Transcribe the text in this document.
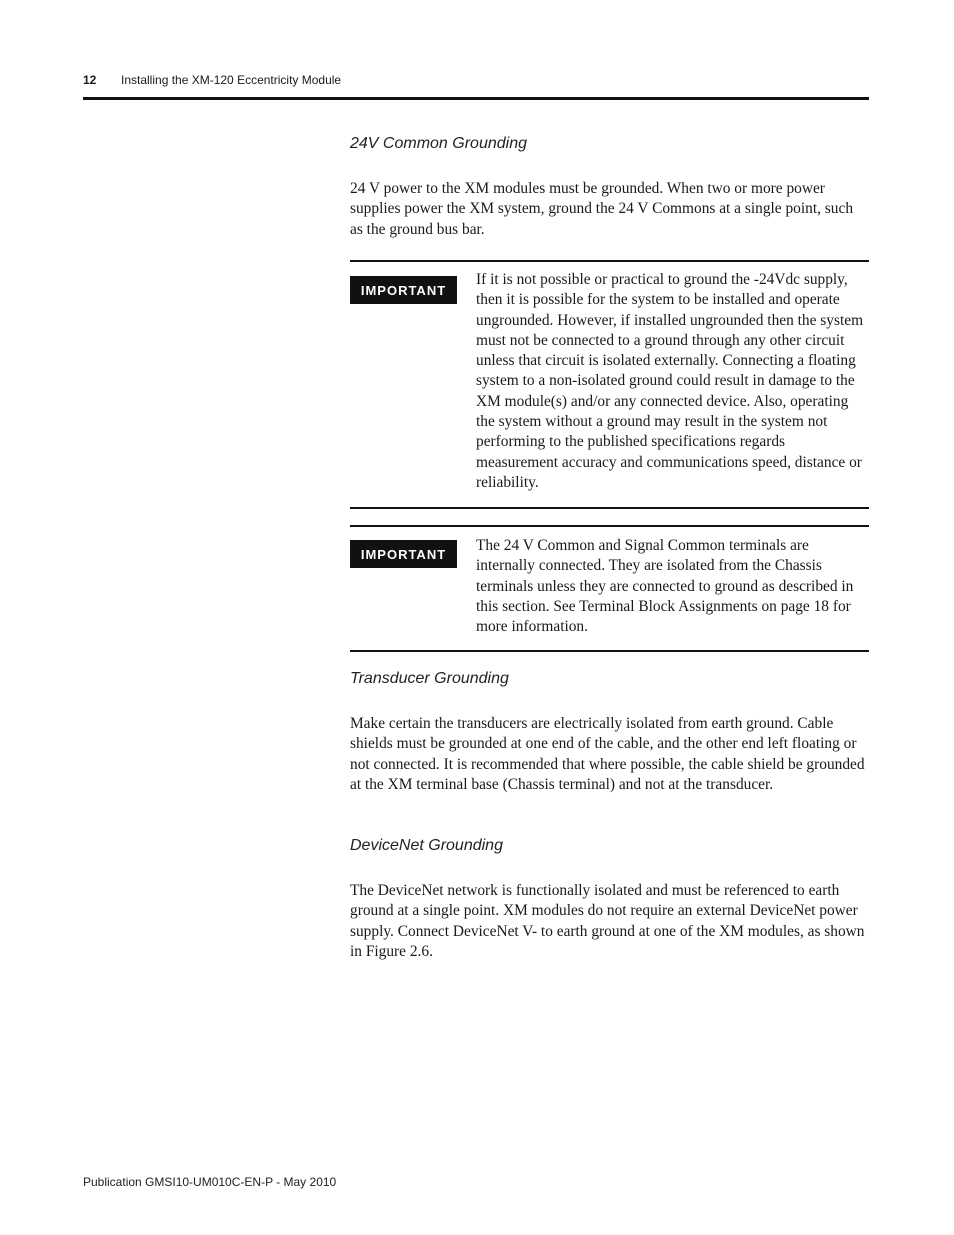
12 Installing the XM-120 Eccentricity Module
24V Common Grounding
24 V power to the XM modules must be grounded. When two or more power supplies power the XM system, ground the 24 V Commons at a single point, such as the ground bus bar.
IMPORTANT
If it is not possible or practical to ground the -24Vdc supply, then it is possible for the system to be installed and operate ungrounded. However, if installed ungrounded then the system must not be connected to a ground through any other circuit unless that circuit is isolated externally. Connecting a floating system to a non-isolated ground could result in damage to the XM module(s) and/or any connected device. Also, operating the system without a ground may result in the system not performing to the published specifications regards measurement accuracy and communications speed, distance or reliability.
IMPORTANT	The 24 V Common and Signal Common terminals are internally connected. They are isolated from the Chassis terminals unless they are connected to ground as described in this section. See Terminal Block Assignments on page 18 for more information.
Transducer Grounding
Make certain the transducers are electrically isolated from earth ground. Cable shields must be grounded at one end of the cable, and the other end left floating or not connected. It is recommended that where possible, the cable shield be grounded at the XM terminal base (Chassis terminal) and not at the transducer.
DeviceNet Grounding
The DeviceNet network is functionally isolated and must be referenced to earth ground at a single point. XM modules do not require an external DeviceNet power supply. Connect DeviceNet V- to earth ground at one of the XM modules, as shown in Figure 2.6.
Publication GMSI10-UM010C-EN-P - May 2010
